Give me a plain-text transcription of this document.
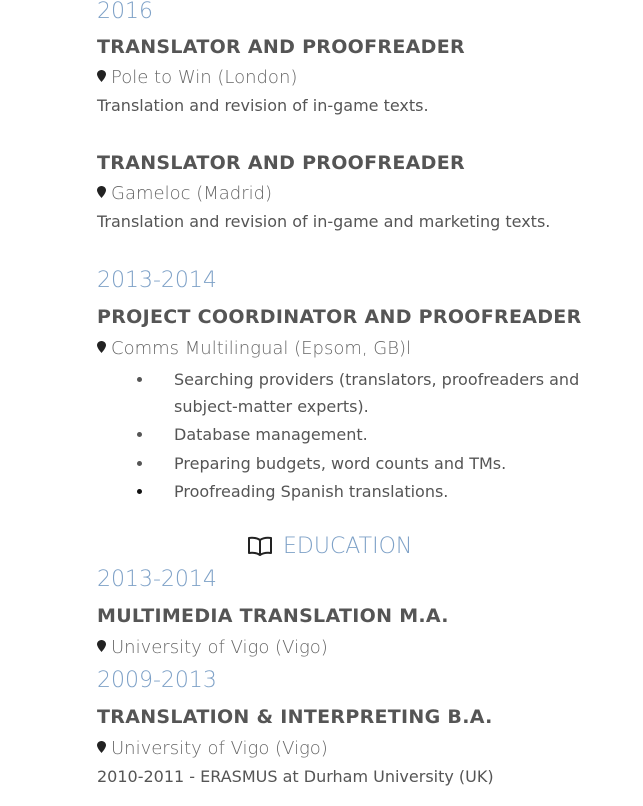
2016
TRANSLATOR AND PROOFREADER
Pole to Win (London)
Translation and revision of in-game texts.
TRANSLATOR AND PROOFREADER
Gameloc (Madrid)
Translation and revision of in-game and marketing texts.
2013-2014
PROJECT COORDINATOR AND PROOFREADER
Comms Multilingual (Epsom, GB)l
Searching providers (translators, proofreaders and
subject-matter experts).
Database management.
Preparing budgets, word counts and TMs.
Proofreading Spanish translations.
EDUCATION
2013-2014
MULTIMEDIA TRANSLATION M.A.
University of Vigo (Vigo)
2009-2013
TRANSLATION & INTERPRETING B.A.
University of Vigo (Vigo)
2010-2011 - ERASMUS at Durham University (UK)
